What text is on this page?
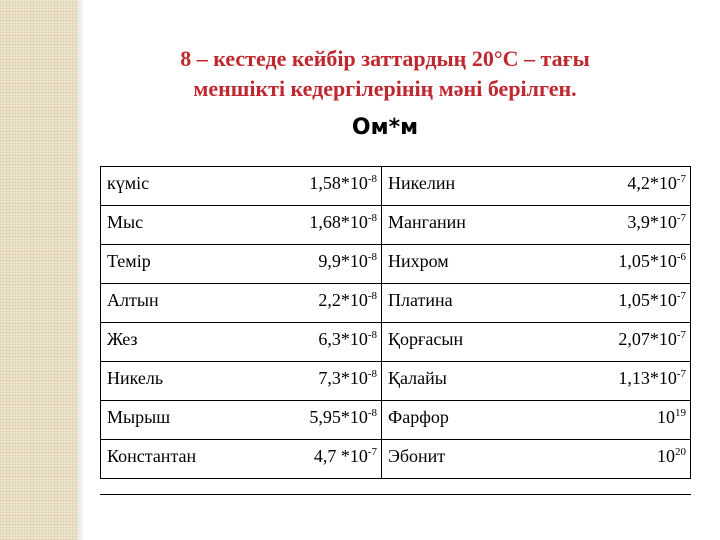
8 – кестеде кейбір заттардың 20°С – тағы
меншікті кедергілерінің мәні берілген.
Ом*м
күміс $1,58*10^{-8}$	Никелин $4,2*10^{-7}$

Мыс $1,68*10^{-8}$	Манганин $3,9*10^{-7}$

Темір $9,9*10^{-8}$	Нихром $1,05*10^{-6}$

Алтын $2,2*10^{-8}$	Платина $1,05*10^{-7}$

Жез $6,3*10^{-8}$	Қорғасын $2,07*10^{-7}$

Никель $7,3*10^{-8}$	Қалайы $1,13*10^{-7}$

Мырыш $5,95*10^{-8}$	Фарфор $10^{19}$

Константан 4,7 $*10^{-7}$	Эбонит $10^{20}$
